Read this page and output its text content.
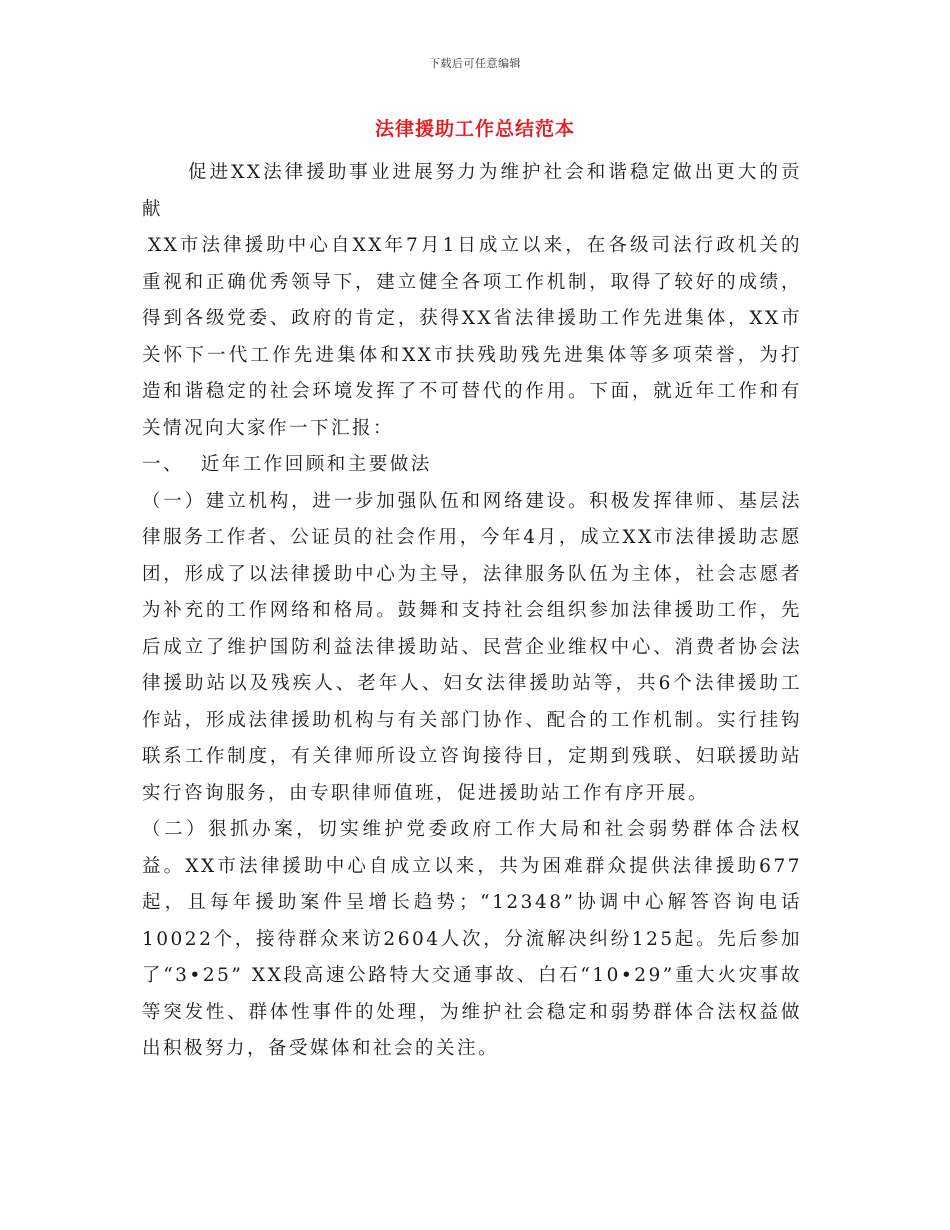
下载后可任意编辑
法律援助工作总结范本

促进XX法律援助事业进展努力为维护社会和谐稳定做出更大的贡献

XX市法律援助中心自XX年7月1日成立以来，在各级司法行政机关的重视和正确优秀领导下，建立健全各项工作机制，取得了较好的成绩，得到各级党委、政府的肯定，获得XX省法律援助工作先进集体，XX市关怀下一代工作先进集体和XX市扶残助残先进集体等多项荣誉，为打造和谐稳定的社会环境发挥了不可替代的作用。下面，就近年工作和有关情况向大家作一下汇报：

一、  近年工作回顾和主要做法

（一）建立机构，进一步加强队伍和网络建设。积极发挥律师、基层法律服务工作者、公证员的社会作用，今年4月，成立XX市法律援助志愿团，形成了以法律援助中心为主导，法律服务队伍为主体，社会志愿者为补充的工作网络和格局。鼓舞和支持社会组织参加法律援助工作，先后成立了维护国防利益法律援助站、民营企业维权中心、消费者协会法律援助站以及残疾人、老年人、妇女法律援助站等，共6个法律援助工作站，形成法律援助机构与有关部门协作、配合的工作机制。实行挂钩联系工作制度，有关律师所设立咨询接待日，定期到残联、妇联援助站实行咨询服务，由专职律师值班，促进援助站工作有序开展。

（二）狠抓办案，切实维护党委政府工作大局和社会弱势群体合法权益。XX市法律援助中心自成立以来，共为困难群众提供法律援助677起，且每年援助案件呈增长趋势；“12348”协调中心解答咨询电话10022个，接待群众来访2604人次，分流解决纠纷125起。先后参加了“3•25” XX段高速公路特大交通事故、白石“10•29”重大火灾事故等突发性、群体性事件的处理，为维护社会稳定和弱势群体合法权益做出积极努力，备受媒体和社会的关注。
